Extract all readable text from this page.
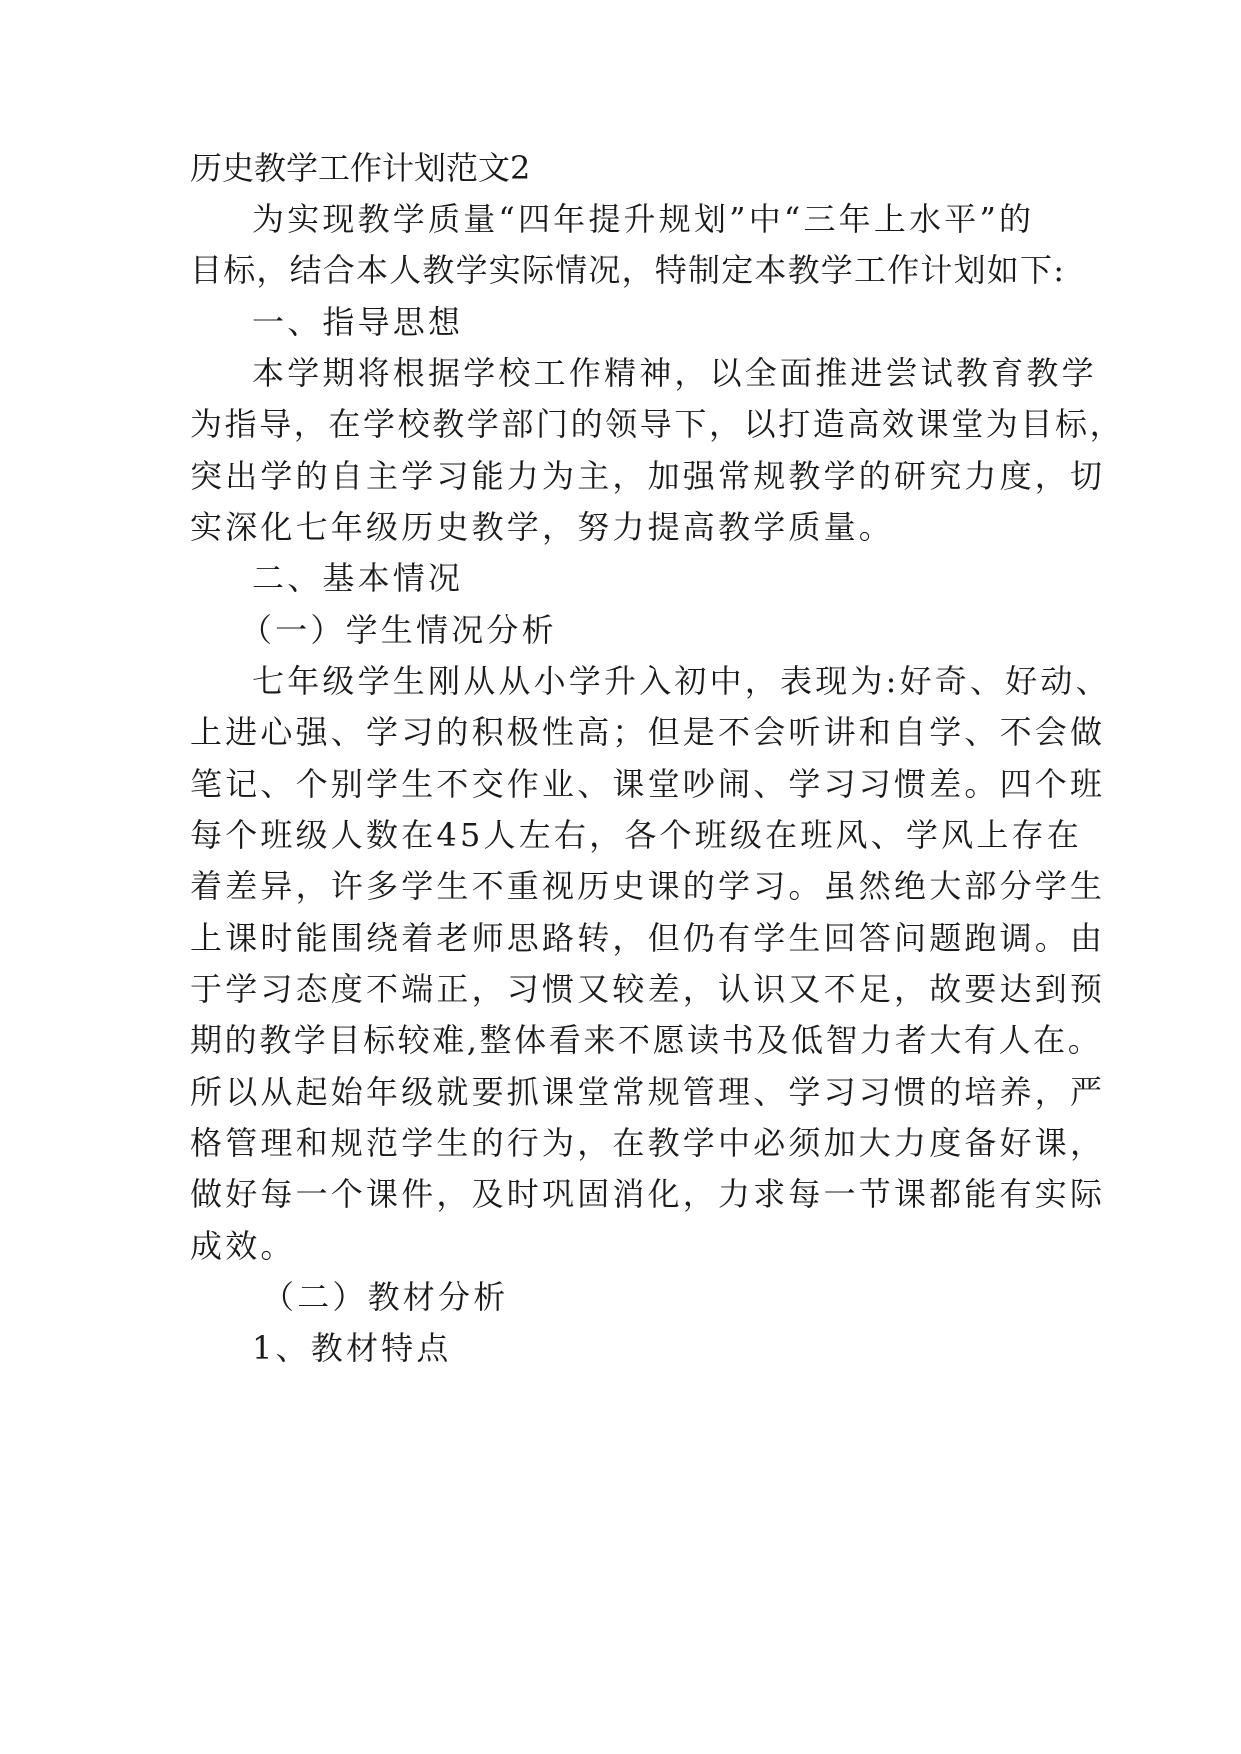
历史教学工作计划范文2
为实现教学质量“四年提升规划”中“三年上水平”的
目标，结合本人教学实际情况，特制定本教学工作计划如下:
一、指导思想
本学期将根据学校工作精神，以全面推进尝试教育教学
为指导，在学校教学部门的领导下，以打造高效课堂为目标，
突出学的自主学习能力为主，加强常规教学的研究力度，切
实深化七年级历史教学，努力提高教学质量。
二、基本情况
（一）学生情况分析
七年级学生刚从从小学升入初中，表现为:好奇、好动、
上进心强、学习的积极性高；但是不会听讲和自学、不会做
笔记、个别学生不交作业、课堂吵闹、学习习惯差。四个班
每个班级人数在45人左右，各个班级在班风、学风上存在
着差异，许多学生不重视历史课的学习。虽然绝大部分学生
上课时能围绕着老师思路转，但仍有学生回答问题跑调。由
于学习态度不端正，习惯又较差，认识又不足，故要达到预
期的教学目标较难,整体看来不愿读书及低智力者大有人在。
所以从起始年级就要抓课堂常规管理、学习习惯的培养，严
格管理和规范学生的行为，在教学中必须加大力度备好课，
做好每一个课件，及时巩固消化，力求每一节课都能有实际
成效。
（二）教材分析
1、教材特点
